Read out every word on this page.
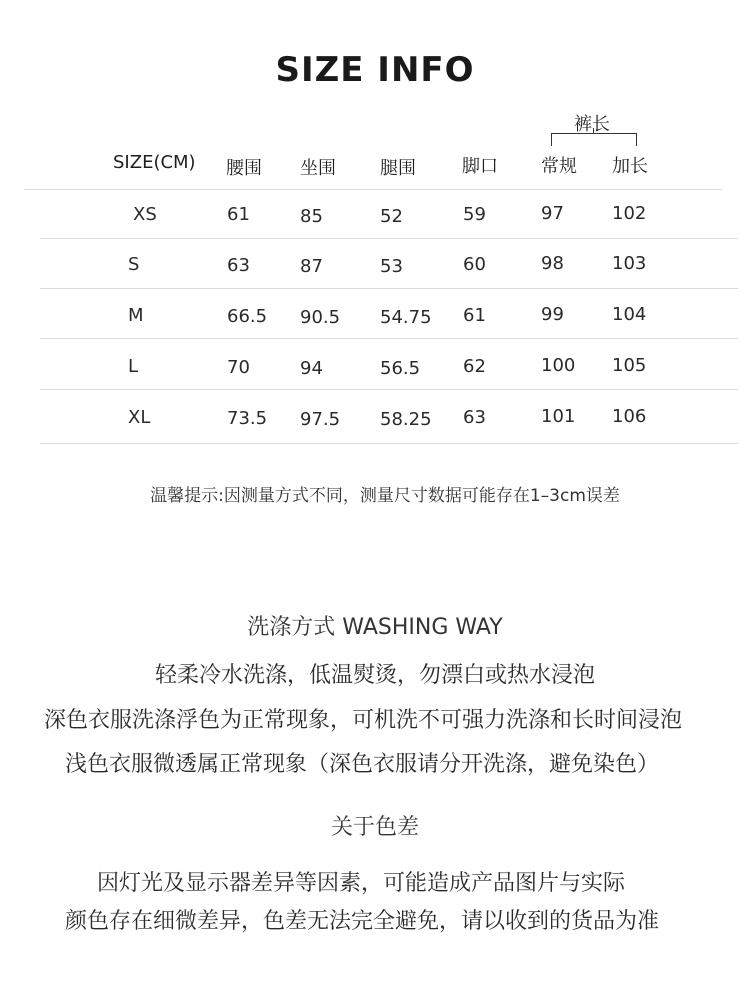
SIZE INFO
裤长
SIZE(CM) 腰围 坐围 腿围	脚口 常规 加长
XS	61	85	52	59	97	102
S	63	87	53	60	98	103
M	66.5 90.5 54.75 61	99	104
L	70	94	56.5 62	100 105
XL	73.5 97.5 58.25 63	101 106
温馨提示:因测量方式不同，测量尺寸数据可能存在1–3cm误差
洗涤方式 WASHING WAY
轻柔冷水洗涤，低温熨烫，勿漂白或热水浸泡
深色衣服洗涤浮色为正常现象，可机洗不可强力洗涤和长时间浸泡
浅色衣服微透属正常现象（深色衣服请分开洗涤，避免染色）
关于色差
因灯光及显示器差异等因素，可能造成产品图片与实际
颜色存在细微差异，色差无法完全避免，请以收到的货品为准
